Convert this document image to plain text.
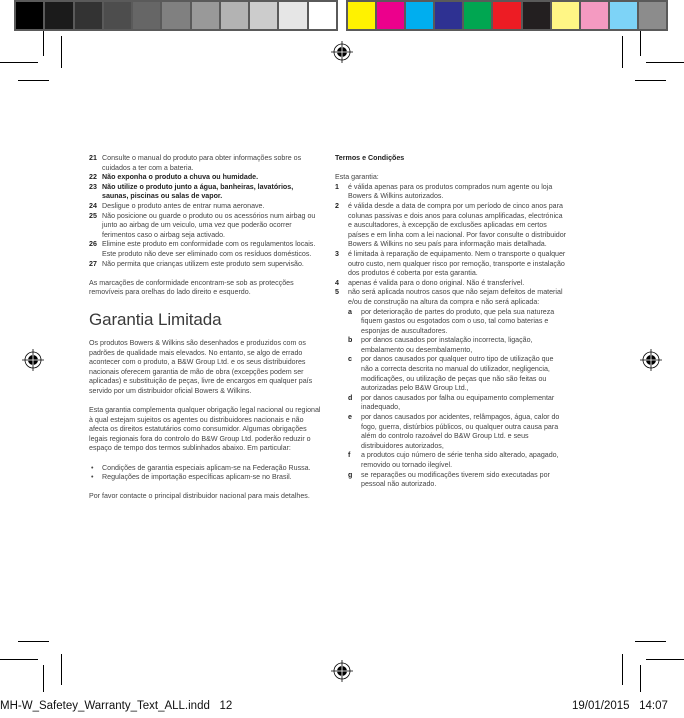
21 Consulte o manual do produto para obter informações sobre os cuidados a ter com a bateria.
22 Não exponha o produto a chuva ou humidade.
23 Não utilize o produto junto a água, banheiras, lavatórios, saunas, piscinas ou salas de vapor.
24 Desligue o produto antes de entrar numa aeronave.
25 Não posicione ou guarde o produto ou os acessórios num airbag ou junto ao airbag de um veiculo, uma vez que poderão ocorrer ferimentos caso o airbag seja activado.
26 Elimine este produto em conformidade com os regulamentos locais. Este produto não deve ser eliminado com os resíduos domésticos.
27 Não permita que crianças utilizem este produto sem supervisão.

As marcações de conformidade encontram-se sob as protecções removíveis para orelhas do lado direito e esquerdo.

Garantia Limitada

Os produtos Bowers & Wilkins são desenhados e produzidos com os padrões de qualidade mais elevados. No entanto, se algo de errado acontecer com o produto, a B&W Group Ltd. e os seus distribuidores nacionais oferecem garantia de mão de obra (excepções podem ser aplicadas) e substituição de peças, livre de encargos em qualquer país servido por um distribuidor oficial Bowers & Wilkins.

Esta garantia complementa qualquer obrigação legal nacional ou regional à qual estejam sujeitos os agentes ou distribuidores nacionais e não afecta os direitos estatutários como consumidor. Algumas obrigações legais regionais fora do controlo do B&W Group Ltd. poderão reduzir o espaço de tempo dos termos sublinhados abaixo. Em particular:

•	Condições de garantia especiais aplicam-se na Federação Russa.
•	Regulações de importação específicas aplicam-se no Brasil.

Por favor contacte o principal distribuidor nacional para mais detalhes.

Termos e Condições
Esta garantia:
1	é válida apenas para os produtos comprados num agente ou loja Bowers & Wilkins autorizados.
2	é válida desde a data de compra por um período de cinco anos para colunas passivas e dois anos para colunas amplificadas, electrónica e auscultadores, à excepção de exclusões aplicadas em certos países e em linha com a lei nacional. Por favor consulte o distribuidor Bowers & Wilkins no seu país para informação mais detalhada.
3	é limitada à reparação de equipamento. Nem o transporte o qualquer outro custo, nem qualquer risco por remoção, transporte e instalação dos produtos é coberta por esta garantia.
4	apenas é valida para o dono original. Não é transferível.
5	não será aplicada noutros casos que não sejam defeitos de material e/ou de construção na altura da compra e não será aplicada:
a	por deterioração de partes do produto, que pela sua natureza fiquem gastos ou esgotados com o uso, tal como baterias e esponjas de auscultadores.
b	por danos causados por instalação incorrecta, ligação, embalamento ou desembalamento,
c	por danos causados por qualquer outro tipo de utilização que não a correcta descrita no manual do utilizador, negligencia, modificações, ou utilização de peças que não são feitas ou autorizadas pelo B&W Group Ltd.,
d	por danos causados por falha ou equipamento complementar inadequado,
e	por danos causados por acidentes, relâmpagos, água, calor do fogo, guerra, distúrbios públicos, ou qualquer outra causa para além do controlo razoável do B&W Group Ltd. e seus distribuidores autorizados,
f	a produtos cujo número de série tenha sido alterado, apagado, removido ou tornado ilegível.
g	se reparações ou modificações tiverem sido executadas por pessoal não autorizado.
MH-W_Safetey_Warranty_Text_ALL.indd   12	19/01/2015   14:07
